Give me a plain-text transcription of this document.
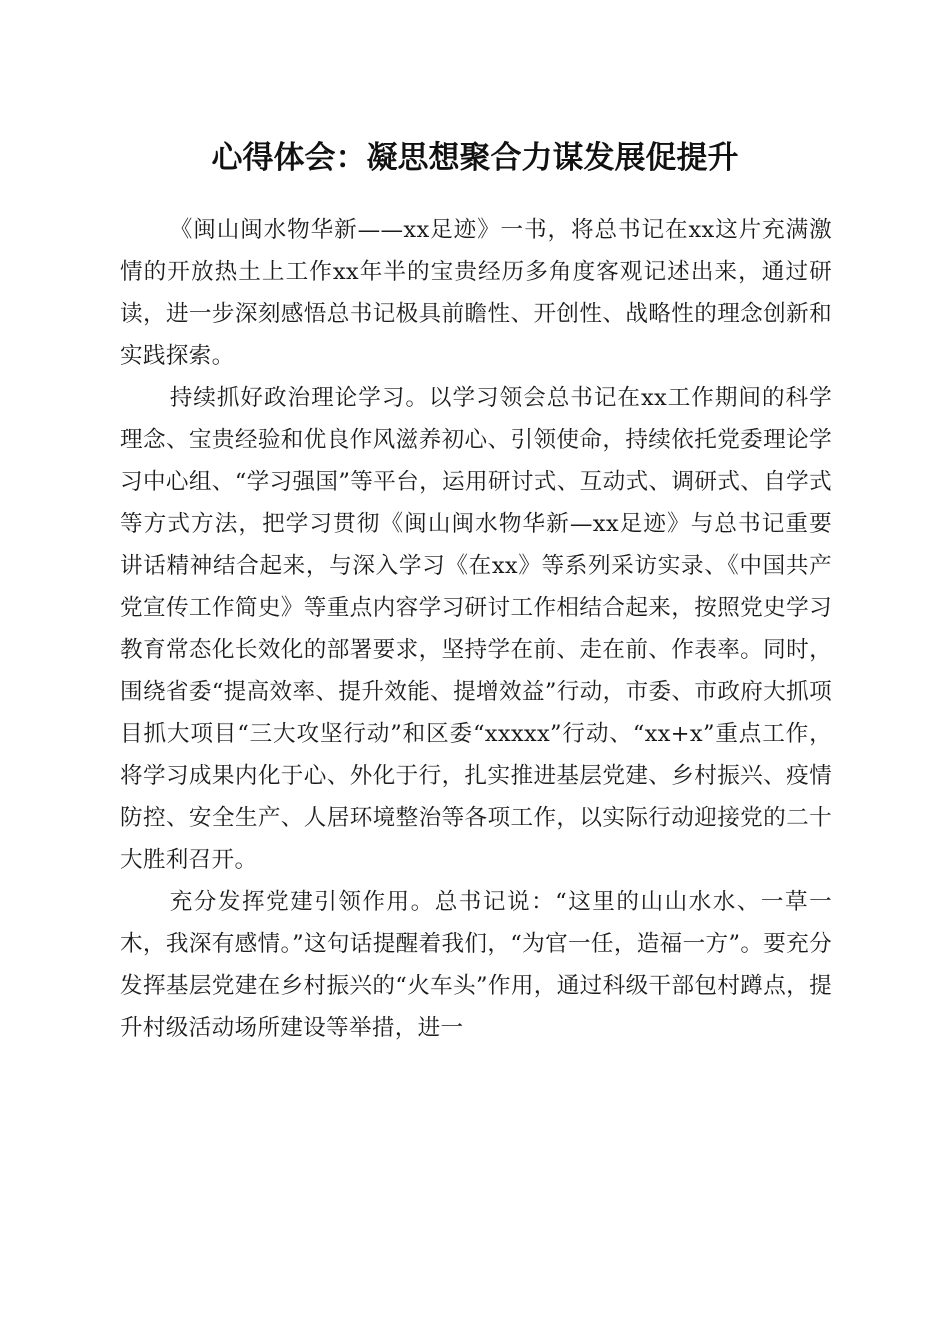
心得体会：凝思想聚合力谋发展促提升

《闽山闽水物华新——xx足迹》一书，将总书记在xx这片充满激情的开放热土上工作xx年半的宝贵经历多角度客观记述出来，通过研读，进一步深刻感悟总书记极具前瞻性、开创性、战略性的理念创新和实践探索。

持续抓好政治理论学习。以学习领会总书记在xx工作期间的科学理念、宝贵经验和优良作风滋养初心、引领使命，持续依托党委理论学习中心组、“学习强国”等平台，运用研讨式、互动式、调研式、自学式等方式方法，把学习贯彻《闽山闽水物华新—xx足迹》与总书记重要讲话精神结合起来，与深入学习《在xx》等系列采访实录、《中国共产党宣传工作简史》等重点内容学习研讨工作相结合起来，按照党史学习教育常态化长效化的部署要求，坚持学在前、走在前、作表率。同时，围绕省委“提高效率、提升效能、提增效益”行动，市委、市政府大抓项目抓大项目“三大攻坚行动”和区委“xxxxx”行动、“xx+x”重点工作，将学习成果内化于心、外化于行，扎实推进基层党建、乡村振兴、疫情防控、安全生产、人居环境整治等各项工作，以实际行动迎接党的二十大胜利召开。

充分发挥党建引领作用。总书记说：“这里的山山水水、一草一木，我深有感情。”这句话提醒着我们，“为官一任，造福一方”。要充分发挥基层党建在乡村振兴的“火车头”作用，通过科级干部包村蹲点，提升村级活动场所建设等举措，进一
